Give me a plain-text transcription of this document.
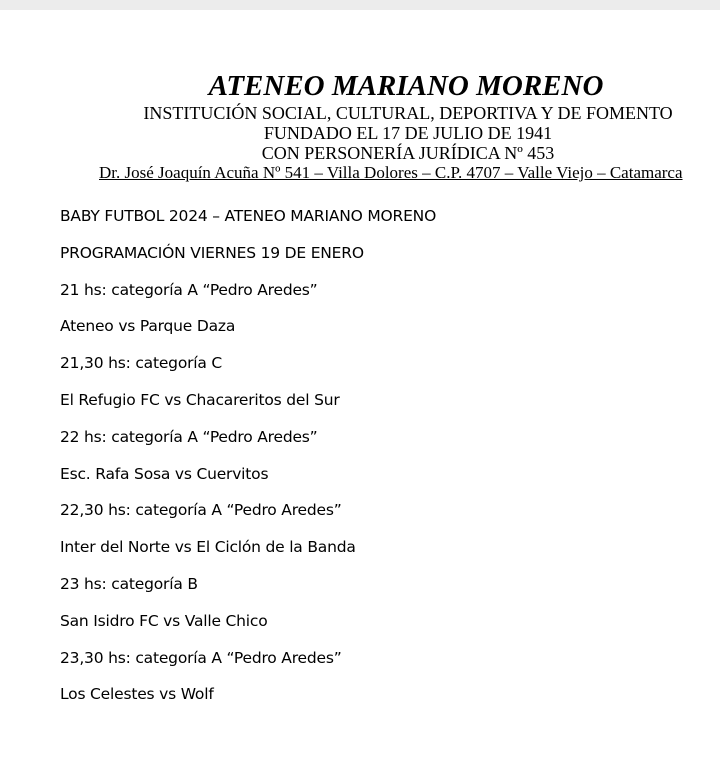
ATENEO MARIANO MORENO
INSTITUCIÓN SOCIAL, CULTURAL, DEPORTIVA Y DE FOMENTO
FUNDADO EL 17 DE JULIO DE 1941
CON PERSONERÍA JURÍDICA Nº 453
Dr. José Joaquín Acuña Nº 541 – Villa Dolores – C.P. 4707 – Valle Viejo – Catamarca
BABY FUTBOL 2024 – ATENEO MARIANO MORENO
PROGRAMACIÓN VIERNES 19 DE ENERO
21 hs: categoría A “Pedro Aredes”
Ateneo vs Parque Daza
21,30 hs: categoría C
El Refugio FC vs Chacareritos del Sur
22 hs: categoría A “Pedro Aredes”
Esc. Rafa Sosa vs Cuervitos
22,30 hs: categoría A “Pedro Aredes”
Inter del Norte vs El Ciclón de la Banda
23 hs: categoría B
San Isidro FC vs Valle Chico
23,30 hs: categoría A “Pedro Aredes”
Los Celestes vs Wolf
